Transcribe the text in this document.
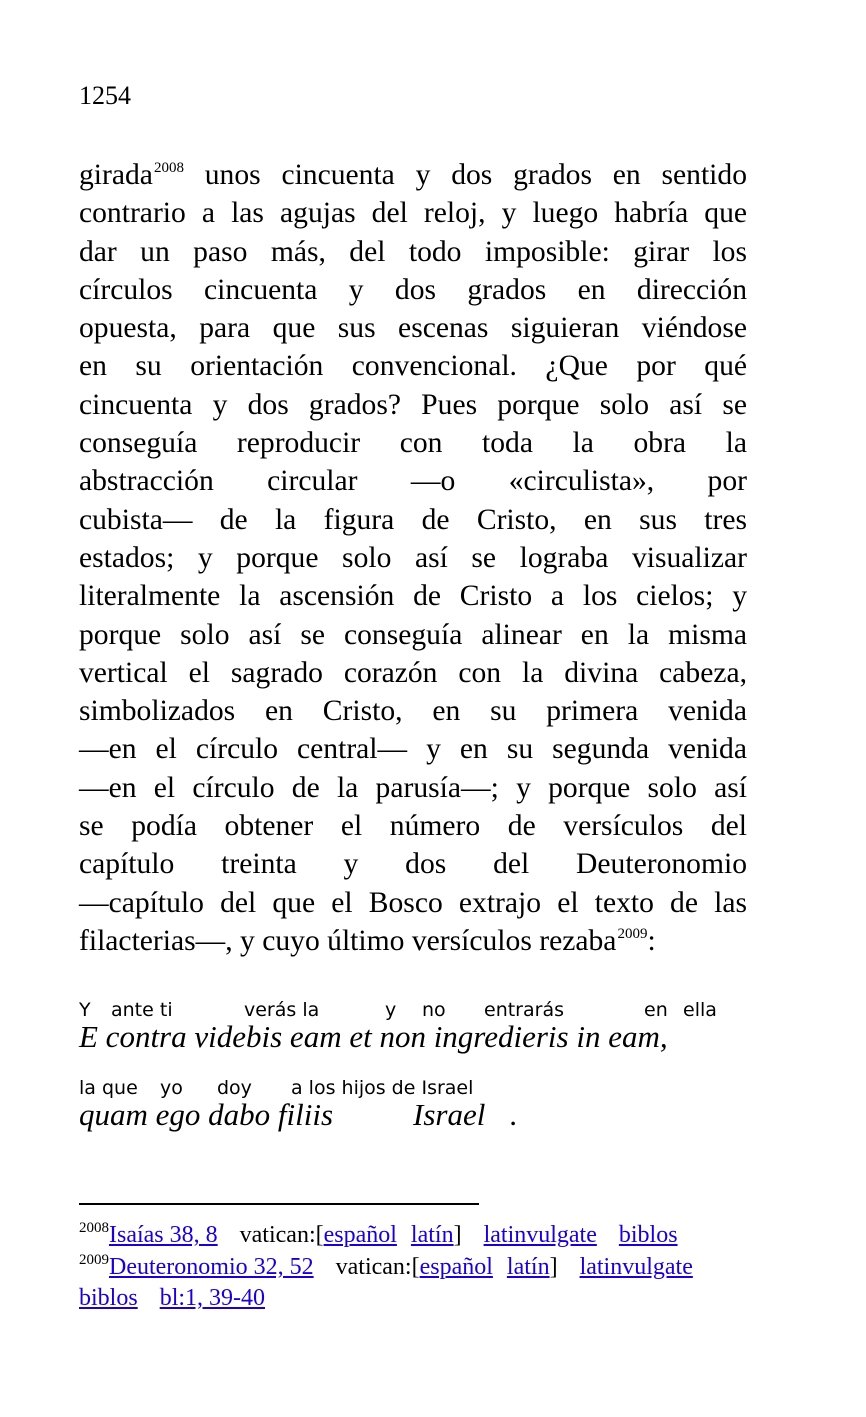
1254
girada$^{2008}$ unos cincuenta y dos grados en sentido
contrario a las agujas del reloj, y luego habría que
dar un paso más, del todo imposible: girar los
círculos cincuenta y dos grados en dirección
opuesta, para que sus escenas siguieran viéndose
en su orientación convencional. ¿Que por qué
cincuenta y dos grados? Pues porque solo así se
conseguía reproducir con toda la obra la
abstracción circular —o «circulista», por
cubista— de la figura de Cristo, en sus tres
estados; y porque solo así se lograba visualizar
literalmente la ascensión de Cristo a los cielos; y
porque solo así se conseguía alinear en la misma
vertical el sagrado corazón con la divina cabeza,
simbolizados en Cristo, en su primera venida
—en el círculo central— y en su segunda venida
—en el círculo de la parusía—; y porque solo así
se podía obtener el número de versículos del
capítulo treinta y dos del Deuteronomio
—capítulo del que el Bosco extrajo el texto de las
filacterias—, y cuyo último versículos rezaba$^{2009}$:
Y ante ti	verás la	y no entrarás	en ella
E contra videbis eam et non ingredieris in eam,
la que yo doy a los hijos de Israel
quam ego dabo filiis	Israel .
$^{2008}$Isaías 38, 8 vatican:[español latín] latinvulgate biblos
$^{2009}$Deuteronomio 32, 52 vatican:[español latín] latinvulgate
biblos bl:1, 39-40
